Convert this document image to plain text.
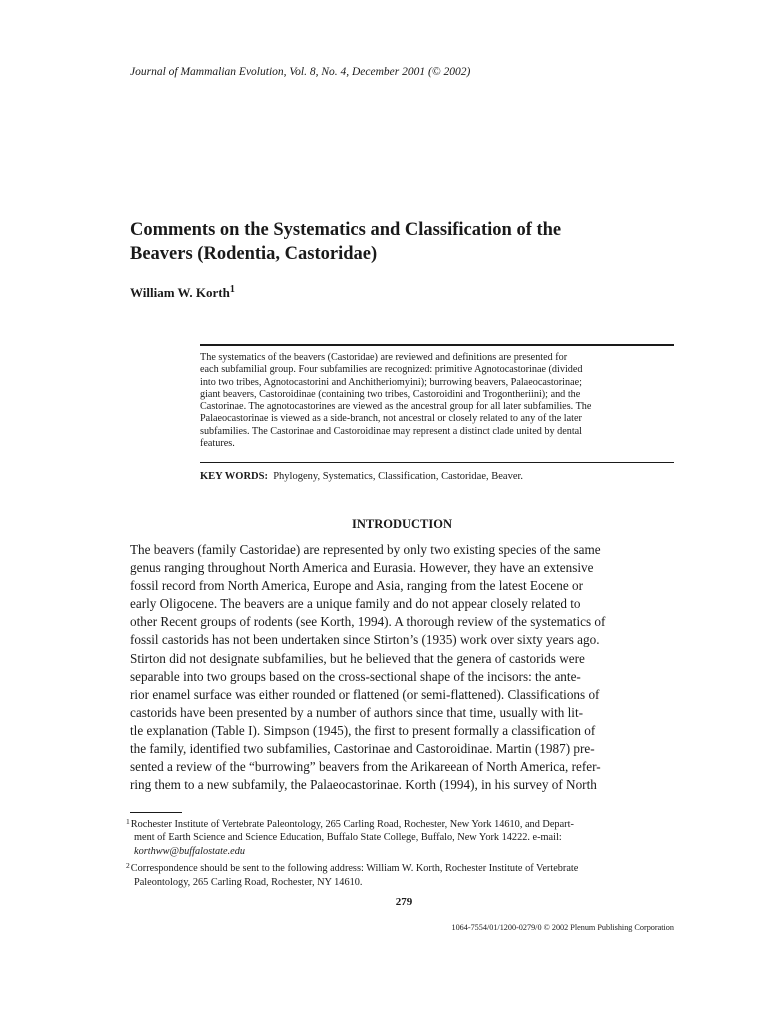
Journal of Mammalian Evolution, Vol. 8, No. 4, December 2001 (© 2002)
Comments on the Systematics and Classification of the
Beavers (Rodentia, Castoridae)
William W. Korth$^1$
The systematics of the beavers (Castoridae) are reviewed and definitions are presented for
each subfamilial group. Four subfamilies are recognized: primitive Agnotocastorinae (divided
into two tribes, Agnotocastorini and Anchitheriomyini); burrowing beavers, Palaeocastorinae;
giant beavers, Castoroidinae (containing two tribes, Castoroidini and Trogontheriini); and the
Castorinae. The agnotocastorines are viewed as the ancestral group for all later subfamilies. The
Palaeocastorinae is viewed as a side-branch, not ancestral or closely related to any of the later
subfamilies. The Castorinae and Castoroidinae may represent a distinct clade united by dental
features.
KEY WORDS: Phylogeny, Systematics, Classification, Castoridae, Beaver.
INTRODUCTION
The beavers (family Castoridae) are represented by only two existing species of the same
genus ranging throughout North America and Eurasia. However, they have an extensive
fossil record from North America, Europe and Asia, ranging from the latest Eocene or
early Oligocene. The beavers are a unique family and do not appear closely related to
other Recent groups of rodents (see Korth, 1994). A thorough review of the systematics of
fossil castorids has not been undertaken since Stirton’s (1935) work over sixty years ago.
Stirton did not designate subfamilies, but he believed that the genera of castorids were
separable into two groups based on the cross-sectional shape of the incisors: the ante-
rior enamel surface was either rounded or flattened (or semi-flattened). Classifications of
castorids have been presented by a number of authors since that time, usually with lit-
tle explanation (Table I). Simpson (1945), the first to present formally a classification of
the family, identified two subfamilies, Castorinae and Castoroidinae. Martin (1987) pre-
sented a review of the “burrowing” beavers from the Arikareean of North America, refer-
ring them to a new subfamily, the Palaeocastorinae. Korth (1994), in his survey of North
$^1$Rochester Institute of Vertebrate Paleontology, 265 Carling Road, Rochester, New York 14610, and Depart-
ment of Earth Science and Science Education, Buffalo State College, Buffalo, New York 14222. e-mail:
korthww@buffalostate.edu
$^2$Correspondence should be sent to the following address: William W. Korth, Rochester Institute of Vertebrate
Paleontology, 265 Carling Road, Rochester, NY 14610.
279
1064-7554/01/1200-0279/0 © 2002 Plenum Publishing Corporation
